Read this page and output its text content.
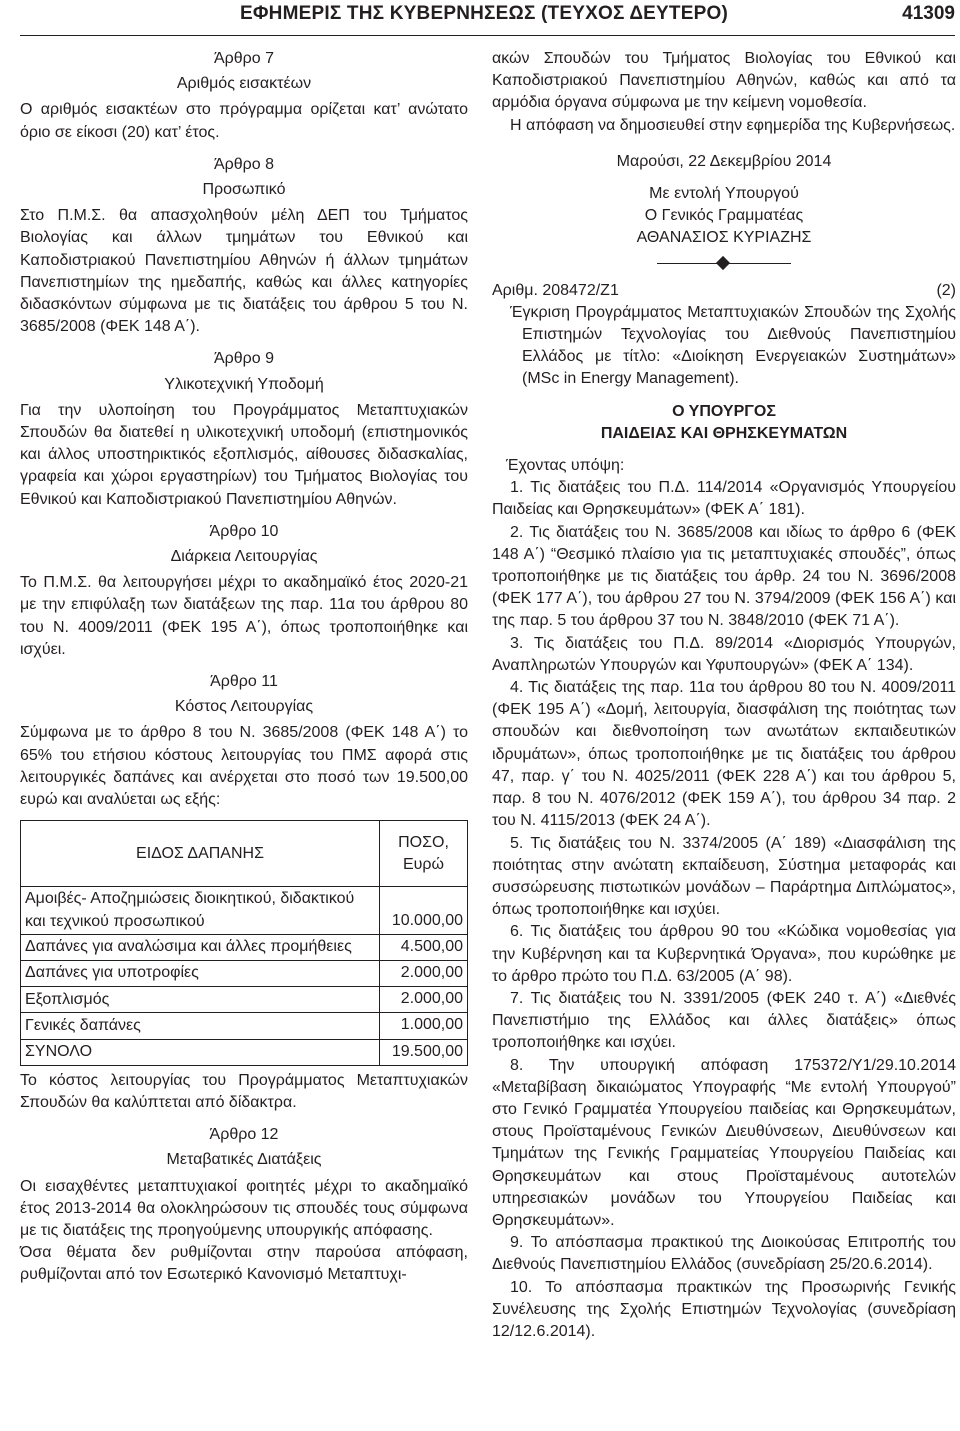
ΕΦΗΜΕΡΙΣ ΤΗΣ ΚΥΒΕΡΝΗΣΕΩΣ (ΤΕΥΧΟΣ ΔΕΥΤΕΡΟ)	41309

Άρθρο 7

Αριθμός εισακτέων

Ο αριθμός εισακτέων στο πρόγραμμα ορίζεται κατ’ ανώτατο όριο σε είκοσι (20) κατ’ έτος.

Άρθρο 8

Προσωπικό

Στο Π.Μ.Σ. θα απασχοληθούν μέλη ΔΕΠ του Τμήματος Βιολογίας και άλλων τμημάτων του Εθνικού και Καποδιστριακού Πανεπιστημίου Αθηνών ή άλλων τμημάτων Πανεπιστημίων της ημεδαπής, καθώς και άλλες κατηγορίες διδασκόντων σύμφωνα με τις διατάξεις του άρθρου 5 του Ν. 3685/2008 (ΦΕΚ 148 Α΄).

Άρθρο 9

Υλικοτεχνική Υποδομή

Για την υλοποίηση του Προγράμματος Μεταπτυχιακών Σπουδών θα διατεθεί η υλικοτεχνική υποδομή (επιστημονικός και άλλος υποστηρικτικός εξοπλισμός, αίθουσες διδασκαλίας, γραφεία και χώροι εργαστηρίων) του Τμήματος Βιολογίας του Εθνικού και Καποδιστριακού Πανεπιστημίου Αθηνών.

Άρθρο 10

Διάρκεια Λειτουργίας

Το Π.Μ.Σ. θα λειτουργήσει μέχρι το ακαδημαϊκό έτος 2020-21 με την επιφύλαξη των διατάξεων της παρ. 11α του άρθρου 80 του Ν. 4009/2011 (ΦΕΚ 195 Α΄), όπως τροποποιήθηκε και ισχύει.

Άρθρο 11

Κόστος Λειτουργίας

Σύμφωνα με το άρθρο 8 του Ν. 3685/2008 (ΦΕΚ 148 Α΄) το 65% του ετήσιου κόστους λειτουργίας του ΠΜΣ αφορά στις λειτουργικές δαπάνες και ανέρχεται στο ποσό των 19.500,00 ευρώ και αναλύεται ως εξής:

ΕΙΔΟΣ ΔΑΠΑΝΗΣ	ΠΟΣΟ, Ευρώ
Αμοιβές- Αποζημιώσεις διοικητικού, διδακτικού και τεχνικού προσωπικού	10.000,00
Δαπάνες για αναλώσιμα και άλλες προμήθειες	4.500,00
Δαπάνες για υποτροφίες	2.000,00
Εξοπλισμός	2.000,00
Γενικές δαπάνες	1.000,00
ΣΥΝΟΛΟ	19.500,00

Το κόστος λειτουργίας του Προγράμματος Μεταπτυχιακών Σπουδών θα καλύπτεται από δίδακτρα.

Άρθρο 12

Μεταβατικές Διατάξεις

Οι εισαχθέντες μεταπτυχιακοί φοιτητές μέχρι το ακαδημαϊκό έτος 2013-2014 θα ολοκληρώσουν τις σπουδές τους σύμφωνα με τις διατάξεις της προηγούμενης υπουργικής απόφασης.

Όσα θέματα δεν ρυθμίζονται στην παρούσα απόφαση, ρυθμίζονται από τον Εσωτερικό Κανονισμό Μεταπτυχι-

ακών Σπουδών του Τμήματος Βιολογίας του Εθνικού και Καποδιστριακού Πανεπιστημίου Αθηνών, καθώς και από τα αρμόδια όργανα σύμφωνα με την κείμενη νομοθεσία.

Η απόφαση να δημοσιευθεί στην εφημερίδα της Κυβερνήσεως.

Μαρούσι, 22 Δεκεμβρίου 2014

Με εντολή Υπουργού

Ο Γενικός Γραμματέας

ΑΘΑΝΑΣΙΟΣ ΚΥΡΙΑΖΗΣ

Αριθμ. 208472/Ζ1	(2)

Έγκριση Προγράμματος Μεταπτυχιακών Σπουδών της Σχολής Επιστημών Τεχνολογίας του Διεθνούς Πανεπιστημίου Ελλάδος με τίτλο: «Διοίκηση Ενεργειακών Συστημάτων» (MSc in Energy Management).

Ο ΥΠΟΥΡΓΟΣ

ΠΑΙΔΕΙΑΣ ΚΑΙ ΘΡΗΣΚΕΥΜΑΤΩΝ

Έχοντας υπόψη:

1. Τις διατάξεις του Π.Δ. 114/2014 «Οργανισμός Υπουργείου Παιδείας και Θρησκευμάτων» (ΦΕΚ Α΄ 181).

2. Τις διατάξεις του Ν. 3685/2008 και ιδίως το άρθρο 6 (ΦΕΚ 148 Α΄) “Θεσμικό πλαίσιο για τις μεταπτυχιακές σπουδές”, όπως τροποποιήθηκε με τις διατάξεις του άρθρ. 24 του Ν. 3696/2008 (ΦΕΚ 177 Α΄), του άρθρου 27 του Ν. 3794/2009 (ΦΕΚ 156 Α΄) και της παρ. 5 του άρθρου 37 του Ν. 3848/2010 (ΦΕΚ 71 Α΄).

3. Τις διατάξεις του Π.Δ. 89/2014 «Διορισμός Υπουργών, Αναπληρωτών Υπουργών και Υφυπουργών» (ΦΕΚ Α΄ 134).

4. Τις διατάξεις της παρ. 11α του άρθρου 80 του Ν. 4009/2011 (ΦΕΚ 195 Α΄) «Δομή, λειτουργία, διασφάλιση της ποιότητας των σπουδών και διεθνοποίηση των ανωτάτων εκπαιδευτικών ιδρυμάτων», όπως τροποποιήθηκε με τις διατάξεις του άρθρου 47, παρ. γ΄ του Ν. 4025/2011 (ΦΕΚ 228 Α΄) και του άρθρου 5, παρ. 8 του Ν. 4076/2012 (ΦΕΚ 159 Α΄), του άρθρου 34 παρ. 2 του Ν. 4115/2013 (ΦΕΚ 24 Α΄).

5. Τις διατάξεις του Ν. 3374/2005 (Α΄ 189) «Διασφάλιση της ποιότητας στην ανώτατη εκπαίδευση, Σύστημα μεταφοράς και συσσώρευσης πιστωτικών μονάδων – Παράρτημα Διπλώματος», όπως τροποποιήθηκε και ισχύει.

6. Τις διατάξεις του άρθρου 90 του «Κώδικα νομοθεσίας για την Κυβέρνηση και τα Κυβερνητικά Όργανα», που κυρώθηκε με το άρθρο πρώτο του Π.Δ. 63/2005 (Α΄ 98).

7. Τις διατάξεις του Ν. 3391/2005 (ΦΕΚ 240 τ. Α΄) «Διεθνές Πανεπιστήμιο της Ελλάδος και άλλες διατάξεις» όπως τροποποιήθηκε και ισχύει.

8. Την υπουργική απόφαση 175372/Υ1/29.10.2014 «Μεταβίβαση δικαιώματος Υπογραφής “Με εντολή Υπουργού” στο Γενικό Γραμματέα Υπουργείου παιδείας και Θρησκευμάτων, στους Προϊσταμένους Γενικών Διευθύνσεων, Διευθύνσεων και Τμημάτων της Γενικής Γραμματείας Υπουργείου Παιδείας και Θρησκευμάτων και στους Προϊσταμένους αυτοτελών υπηρεσιακών μονάδων του Υπουργείου Παιδείας και Θρησκευμάτων».

9. Το απόσπασμα πρακτικού της Διοικούσας Επιτροπής του Διεθνούς Πανεπιστημίου Ελλάδος (συνεδρίαση 25/20.6.2014).

10. Το απόσπασμα πρακτικών της Προσωρινής Γενικής Συνέλευσης της Σχολής Επιστημών Τεχνολογίας (συνεδρίαση 12/12.6.2014).
